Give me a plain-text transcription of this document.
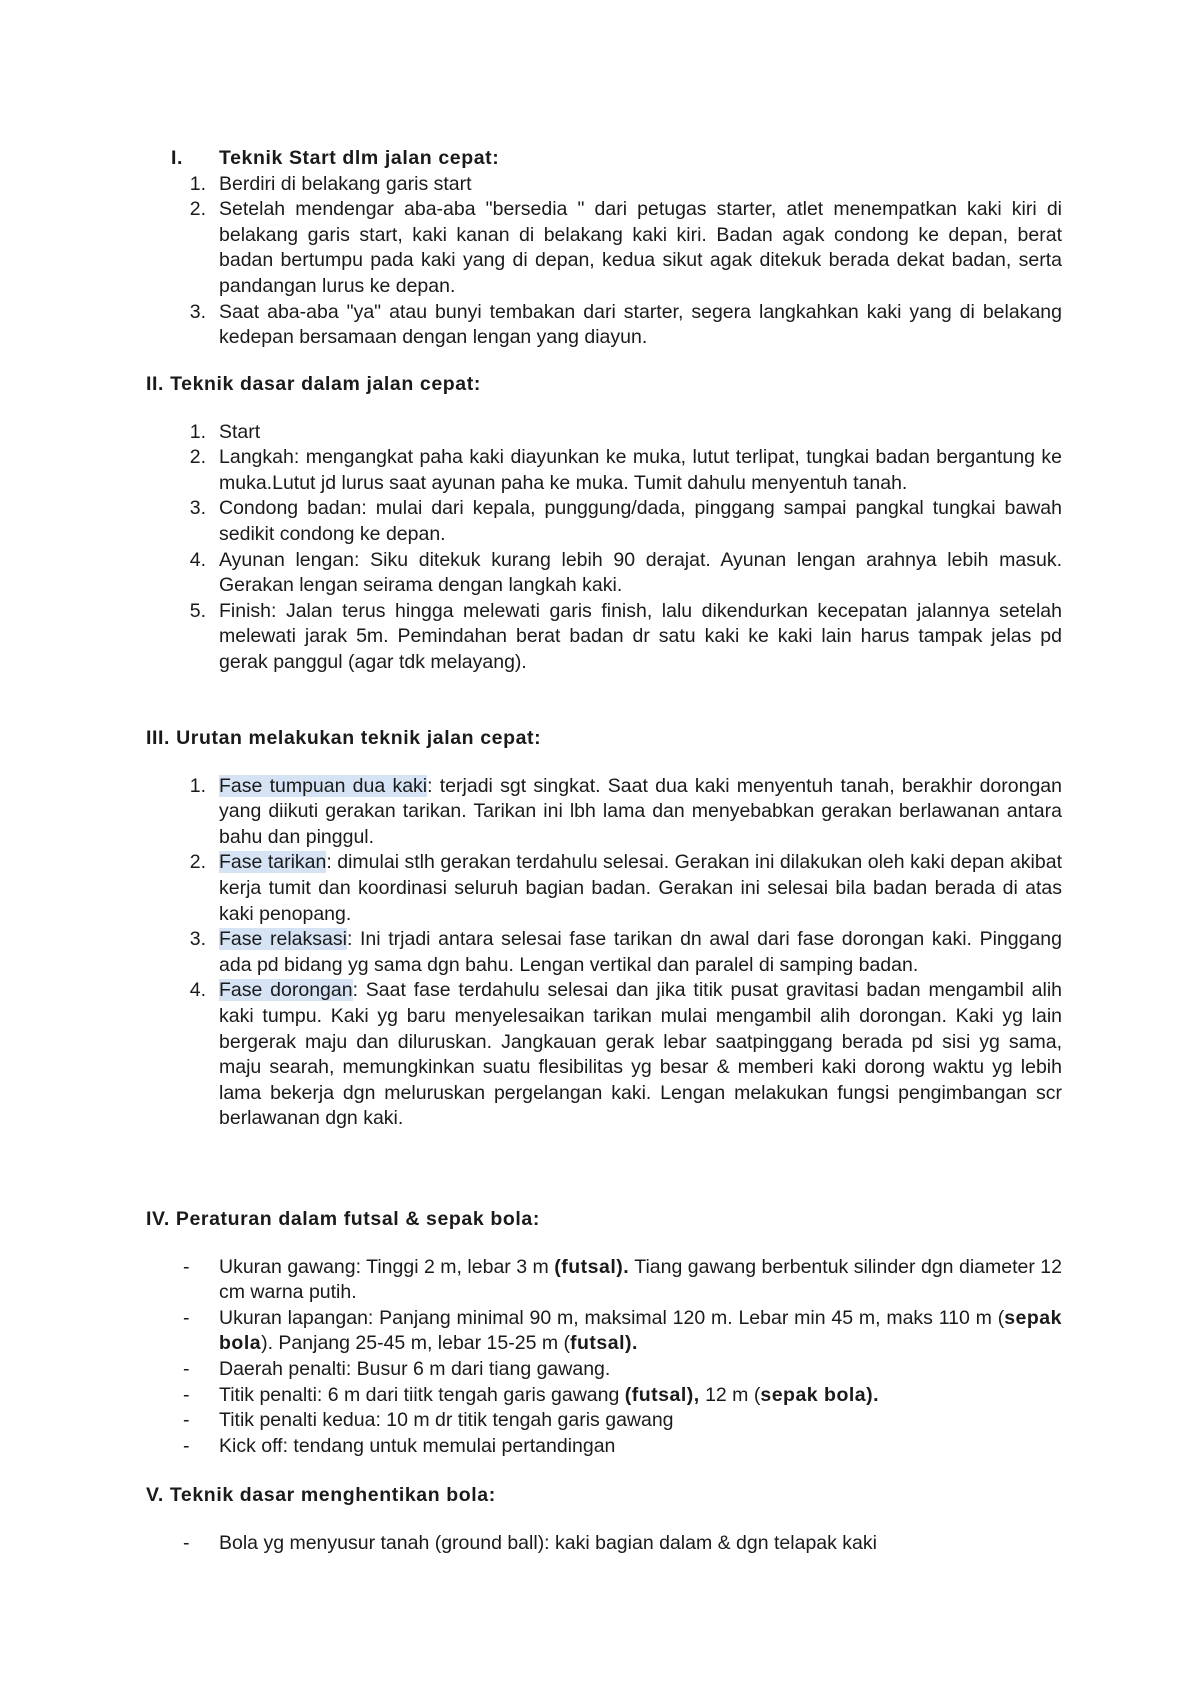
I.	Teknik Start dlm jalan cepat:
1. Berdiri di belakang garis start
2. Setelah mendengar aba-aba "bersedia " dari petugas starter, atlet menempatkan kaki kiri di belakang garis start, kaki kanan di belakang kaki kiri. Badan agak condong ke depan, berat badan bertumpu pada kaki yang di depan, kedua sikut agak ditekuk berada dekat badan, serta pandangan lurus ke depan.
3. Saat aba-aba "ya" atau bunyi tembakan dari starter, segera langkahkan kaki yang di belakang kedepan bersamaan dengan lengan yang diayun.
II. Teknik dasar dalam jalan cepat:
1. Start
2. Langkah: mengangkat paha kaki diayunkan ke muka, lutut terlipat, tungkai badan bergantung ke muka.Lutut jd lurus saat ayunan paha ke muka. Tumit dahulu menyentuh tanah.
3. Condong badan: mulai dari kepala, punggung/dada, pinggang sampai pangkal tungkai bawah sedikit condong ke depan.
4. Ayunan lengan: Siku ditekuk kurang lebih 90 derajat. Ayunan lengan arahnya lebih masuk. Gerakan lengan seirama dengan langkah kaki.
5. Finish: Jalan terus hingga melewati garis finish, lalu dikendurkan kecepatan jalannya setelah melewati jarak 5m. Pemindahan berat badan dr satu kaki ke kaki lain harus tampak jelas pd gerak panggul (agar tdk melayang).
III. Urutan melakukan teknik jalan cepat:
1. Fase tumpuan dua kaki: terjadi sgt singkat. Saat dua kaki menyentuh tanah, berakhir dorongan yang diikuti gerakan tarikan. Tarikan ini lbh lama dan menyebabkan gerakan berlawanan antara bahu dan pinggul.
2. Fase tarikan: dimulai stlh gerakan terdahulu selesai. Gerakan ini dilakukan oleh kaki depan akibat kerja tumit dan koordinasi seluruh bagian badan. Gerakan ini selesai bila badan berada di atas kaki penopang.
3. Fase relaksasi: Ini trjadi antara selesai fase tarikan dn awal dari fase dorongan kaki. Pinggang ada pd bidang yg sama dgn bahu. Lengan vertikal dan paralel di samping badan.
4. Fase dorongan: Saat fase terdahulu selesai dan jika titik pusat gravitasi badan mengambil alih kaki tumpu. Kaki yg baru menyelesaikan tarikan mulai mengambil alih dorongan. Kaki yg lain bergerak maju dan diluruskan. Jangkauan gerak lebar saatpinggang berada pd sisi yg sama, maju searah, memungkinkan suatu flesibilitas yg besar & memberi kaki dorong waktu yg lebih lama bekerja dgn meluruskan pergelangan kaki. Lengan melakukan fungsi pengimbangan scr berlawanan dgn kaki.
IV. Peraturan dalam futsal & sepak bola:
-	Ukuran gawang: Tinggi 2 m, lebar 3 m (futsal). Tiang gawang berbentuk silinder dgn diameter 12 cm warna putih.
-	Ukuran lapangan: Panjang minimal 90 m, maksimal 120 m. Lebar min 45 m, maks 110 m (sepak bola). Panjang 25-45 m, lebar 15-25 m (futsal).
-	Daerah penalti: Busur 6 m dari tiang gawang.
-	Titik penalti: 6 m dari tiitk tengah garis gawang (futsal), 12 m (sepak bola).
-	Titik penalti kedua: 10 m dr titik tengah garis gawang
-	Kick off: tendang untuk memulai pertandingan
V. Teknik dasar menghentikan bola:
-	Bola yg menyusur tanah (ground ball): kaki bagian dalam & dgn telapak kaki
